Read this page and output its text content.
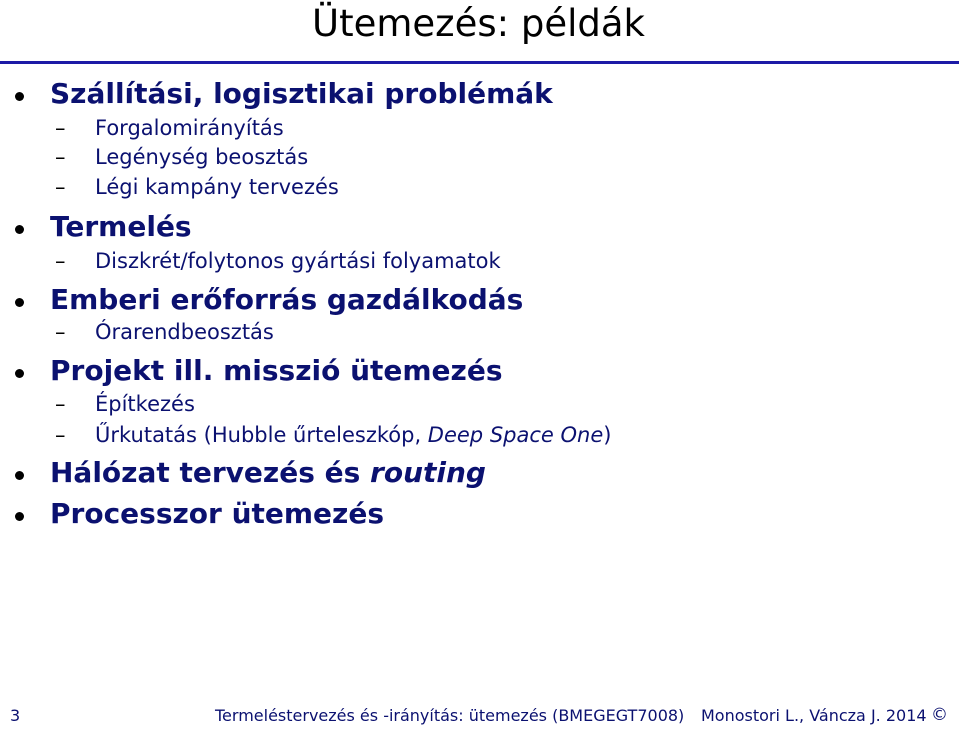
Ütemezés: példák
Szállítási, logisztikai problémák
– Forgalomirányítás
– Legénység beosztás
– Légi kampány tervezés
Termelés
– Diszkrét/folytonos gyártási folyamatok
Emberi erőforrás gazdálkodás
– Órarendbeosztás
Projekt ill. misszió ütemezés
– Építkezés
– Űrkutatás (Hubble űrteleszkóp, Deep Space One)
Hálózat tervezés és routing
Processzor ütemezés
3	Termeléstervezés és -irányítás: ütemezés (BMEGEGT7008) Monostori L., Váncza J. 2014 ©
